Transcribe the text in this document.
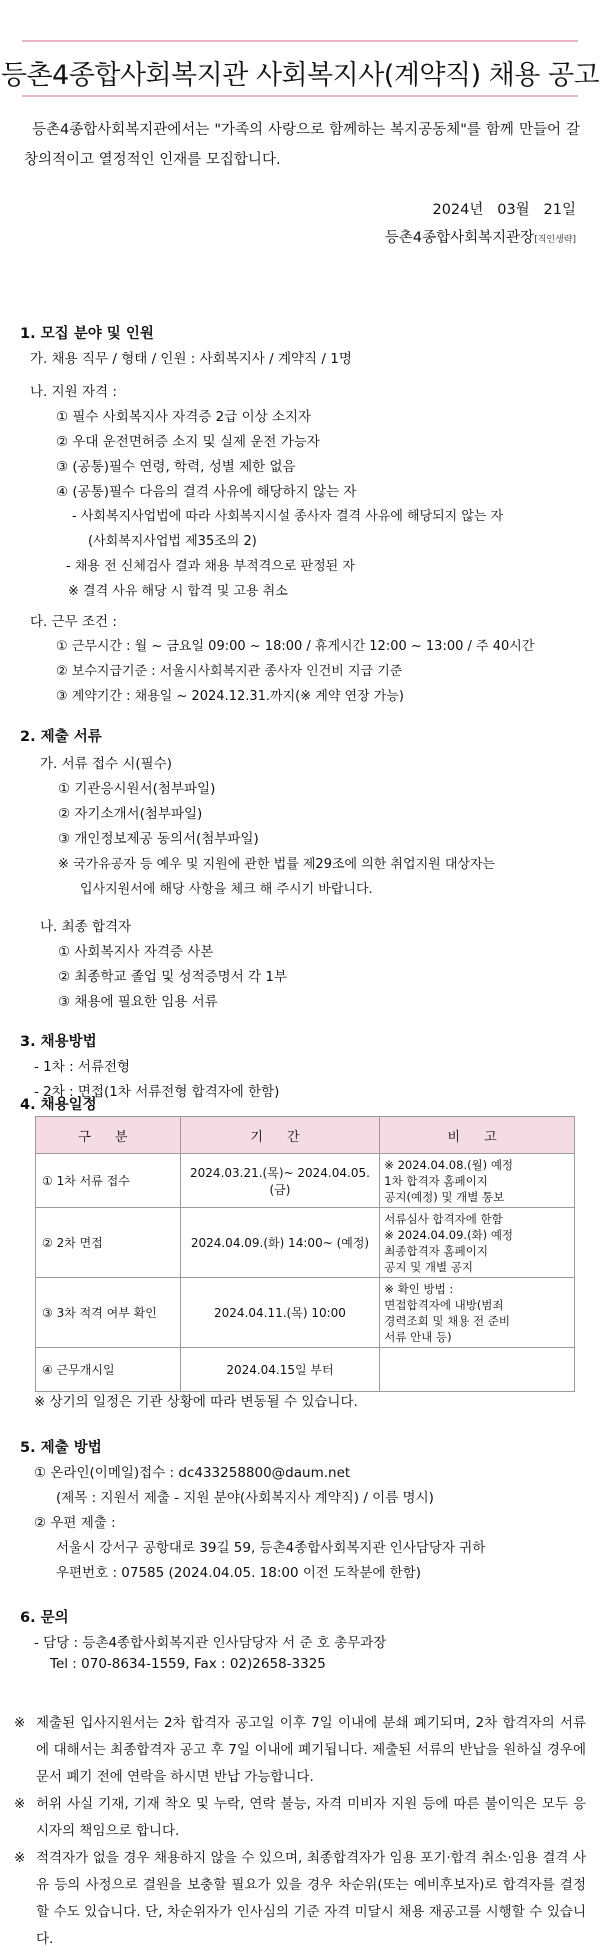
등촌4종합사회복지관 사회복지사(계약직) 채용 공고
등촌4종합사회복지관에서는 "가족의 사랑으로 함께하는 복지공동체"를 함께 만들어 갈 창의적이고 열정적인 인재를 모집합니다.
2024년 03월 21일
등촌4종합사회복지관장[직인생략]
1. 모집 분야 및 인원
가. 채용 직무 / 형태 / 인원 : 사회복지사 / 계약직 / 1명
나. 지원 자격 :
① 필수 사회복지사 자격증 2급 이상 소지자
② 우대 운전면허증 소지 및 실제 운전 가능자
③ (공통)필수 연령, 학력, 성별 제한 없음
④ (공통)필수 다음의 결격 사유에 해당하지 않는 자
- 사회복지사업법에 따라 사회복지시설 종사자 결격 사유에 해당되지 않는 자
(사회복지사업법 제35조의 2)
- 채용 전 신체검사 결과 채용 부적격으로 판정된 자
※ 결격 사유 해당 시 합격 및 고용 취소
다. 근무 조건 :
① 근무시간 : 월 ~ 금요일 09:00 ~ 18:00 / 휴게시간 12:00 ~ 13:00 / 주 40시간
② 보수지급기준 : 서울시사회복지관 종사자 인건비 지급 기준
③ 계약기간 : 채용일 ~ 2024.12.31.까지(※ 계약 연장 가능)
2. 제출 서류
가. 서류 접수 시(필수)
① 기관응시원서(첨부파일)
② 자기소개서(첨부파일)
③ 개인정보제공 동의서(첨부파일)
※ 국가유공자 등 예우 및 지원에 관한 법률 제29조에 의한 취업지원 대상자는
입사지원서에 해당 사항을 체크 해 주시기 바랍니다.
나. 최종 합격자
① 사회복지사 자격증 사본
② 최종학교 졸업 및 성적증명서 각 1부
③ 채용에 필요한 임용 서류
3. 채용방법
- 1차 : 서류전형
- 2차 : 면접(1차 서류전형 합격자에 한함)
4. 채용일정
구 분	기 간	비 고
① 1차 서류 접수	2024.03.21.(목)~ 2024.04.05.(금)	※ 2024.04.08.(월) 예정
1차 합격자 홈페이지
공지(예정) 및 개별 통보
② 2차 면접	2024.04.09.(화) 14:00~ (예정)	서류심사 합격자에 한함
※ 2024.04.09.(화) 예정
최종합격자 홈페이지
공지 및 개별 공지
③ 3차 적격 여부 확인	2024.04.11.(목) 10:00	※ 확인 방법 :
면접합격자에 내방(범죄
경력조회 및 채용 전 준비
서류 안내 등)
④ 근무개시일	2024.04.15일 부터	
※ 상기의 일정은 기관 상황에 따라 변동될 수 있습니다.
5. 제출 방법
① 온라인(이메일)접수 : dc433258800@daum.net
(제목 : 지원서 제출 - 지원 분야(사회복지사 계약직) / 이름 명시)
② 우편 제출 :
서울시 강서구 공항대로 39길 59, 등촌4종합사회복지관 인사담당자 귀하
우편번호 : 07585 (2024.04.05. 18:00 이전 도착분에 한함)
6. 문의
- 담당 : 등촌4종합사회복지관 인사담당자 서 준 호 총무과장
Tel : 070-8634-1559, Fax : 02)2658-3325
※ 제출된 입사지원서는 2차 합격자 공고일 이후 7일 이내에 분쇄 폐기되며, 2차 합격자의 서류에 대해서는 최종합격자 공고 후 7일 이내에 폐기됩니다. 제출된 서류의 반납을 원하실 경우에 문서 폐기 전에 연락을 하시면 반납 가능합니다.
※ 허위 사실 기재, 기재 착오 및 누락, 연락 불능, 자격 미비자 지원 등에 따른 불이익은 모두 응시자의 책임으로 합니다.
※ 적격자가 없을 경우 채용하지 않을 수 있으며, 최종합격자가 임용 포기·합격 취소·임용 결격 사유 등의 사정으로 결원을 보충할 필요가 있을 경우 차순위(또는 예비후보자)로 합격자를 결정할 수도 있습니다. 단, 차순위자가 인사심의 기준 자격 미달시 채용 재공고를 시행할 수 있습니다.
